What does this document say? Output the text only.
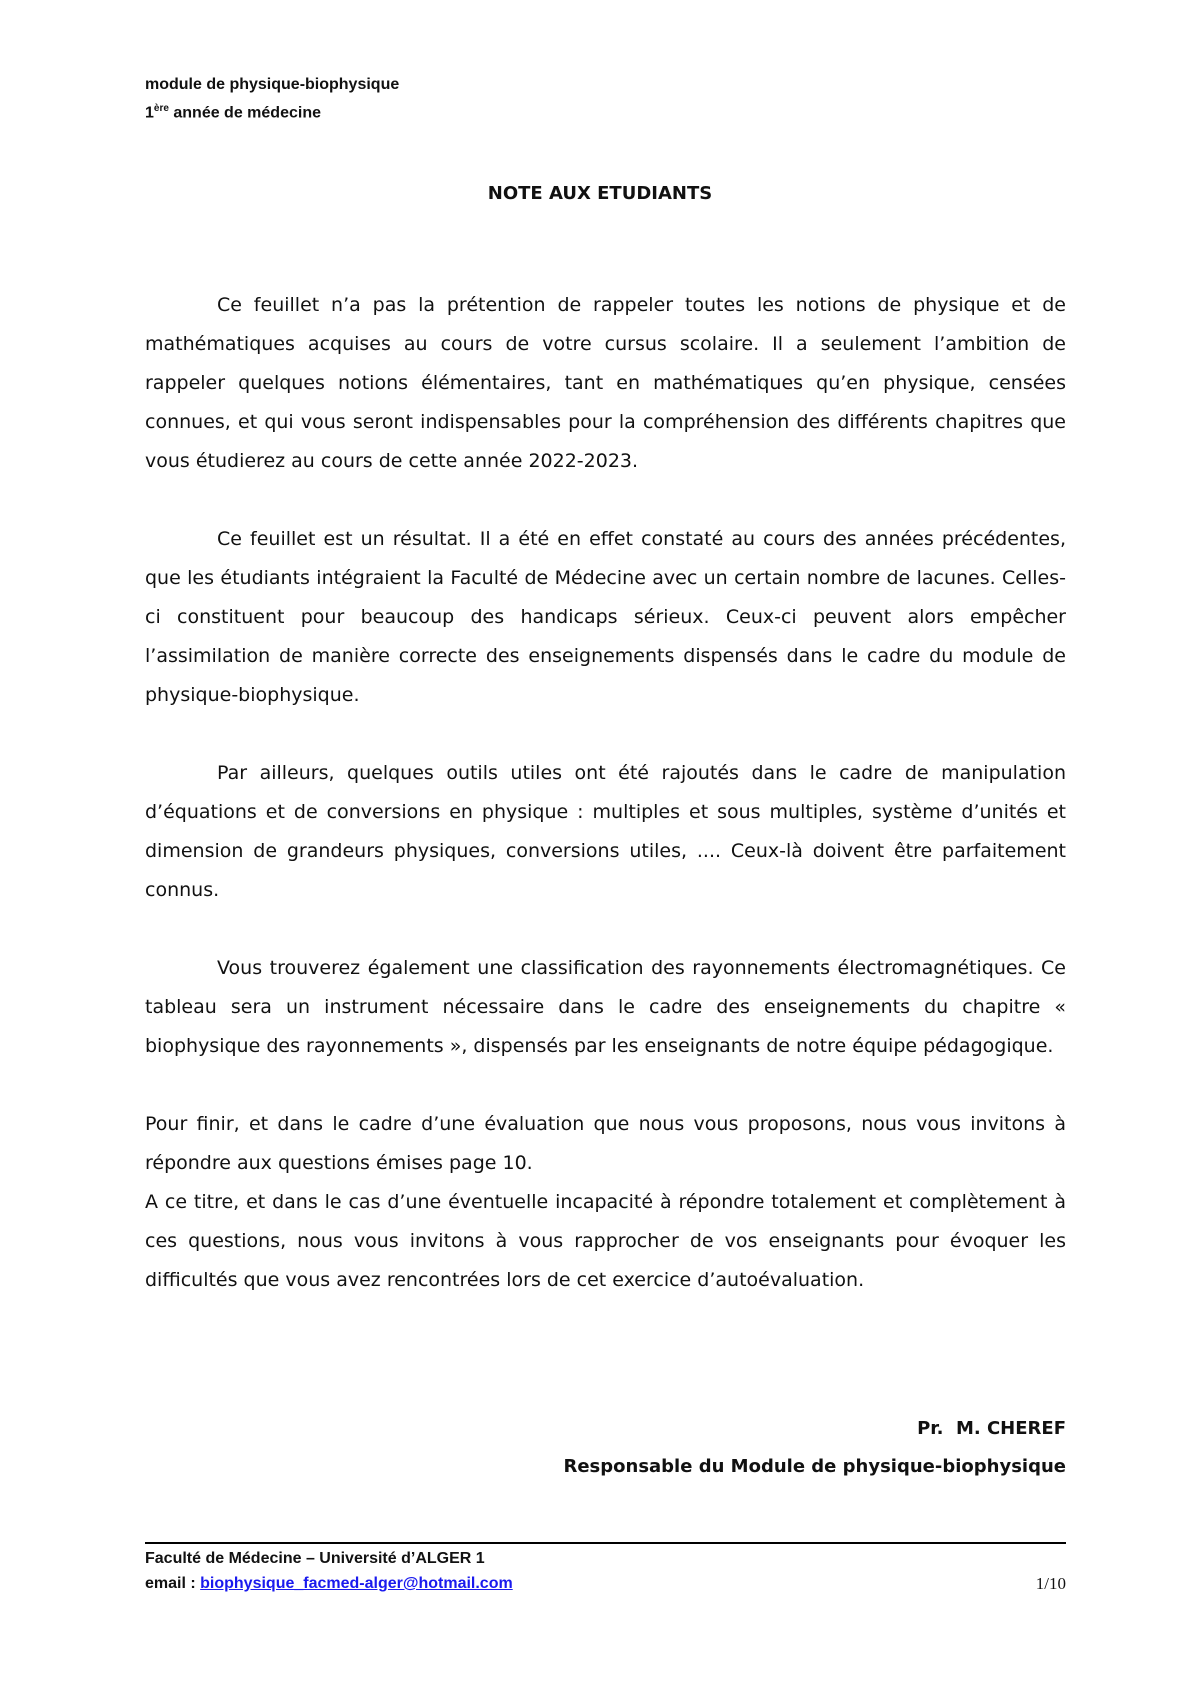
module de physique-biophysique
1ère année de médecine
NOTE AUX ETUDIANTS

Ce feuillet n’a pas la prétention de rappeler toutes les notions de physique et de mathématiques acquises au cours de votre cursus scolaire. Il a seulement l’ambition de rappeler quelques notions élémentaires, tant en mathématiques qu’en physique, censées connues, et qui vous seront indispensables pour la compréhension des différents chapitres que vous étudierez au cours de cette année 2022-2023.

Ce feuillet est un résultat. Il a été en effet constaté au cours des années précédentes, que les étudiants intégraient la Faculté de Médecine avec un certain nombre de lacunes. Celles-ci constituent pour beaucoup des handicaps sérieux. Ceux-ci peuvent alors empêcher l’assimilation de manière correcte des enseignements dispensés dans le cadre du module de physique-biophysique.

Par ailleurs, quelques outils utiles ont été rajoutés dans le cadre de manipulation d’équations et de conversions en physique : multiples et sous multiples, système d’unités et dimension de grandeurs physiques, conversions utiles, .... Ceux-là doivent être parfaitement connus.

Vous trouverez également une classification des rayonnements électromagnétiques. Ce tableau sera un instrument nécessaire dans le cadre des enseignements du chapitre « biophysique des rayonnements », dispensés par les enseignants de notre équipe pédagogique.

Pour finir, et dans le cadre d’une évaluation que nous vous proposons, nous vous invitons à répondre aux questions émises page 10.

A ce titre, et dans le cas d’une éventuelle incapacité à répondre totalement et complètement à ces questions, nous vous invitons à vous rapprocher de vos enseignants pour évoquer les difficultés que vous avez rencontrées lors de cet exercice d’autoévaluation.

Pr.  M. CHEREF
Responsable du Module de physique-biophysique
Faculté de Médecine – Université d’ALGER 1
email : biophysique_facmed-alger@hotmail.com	1/10
